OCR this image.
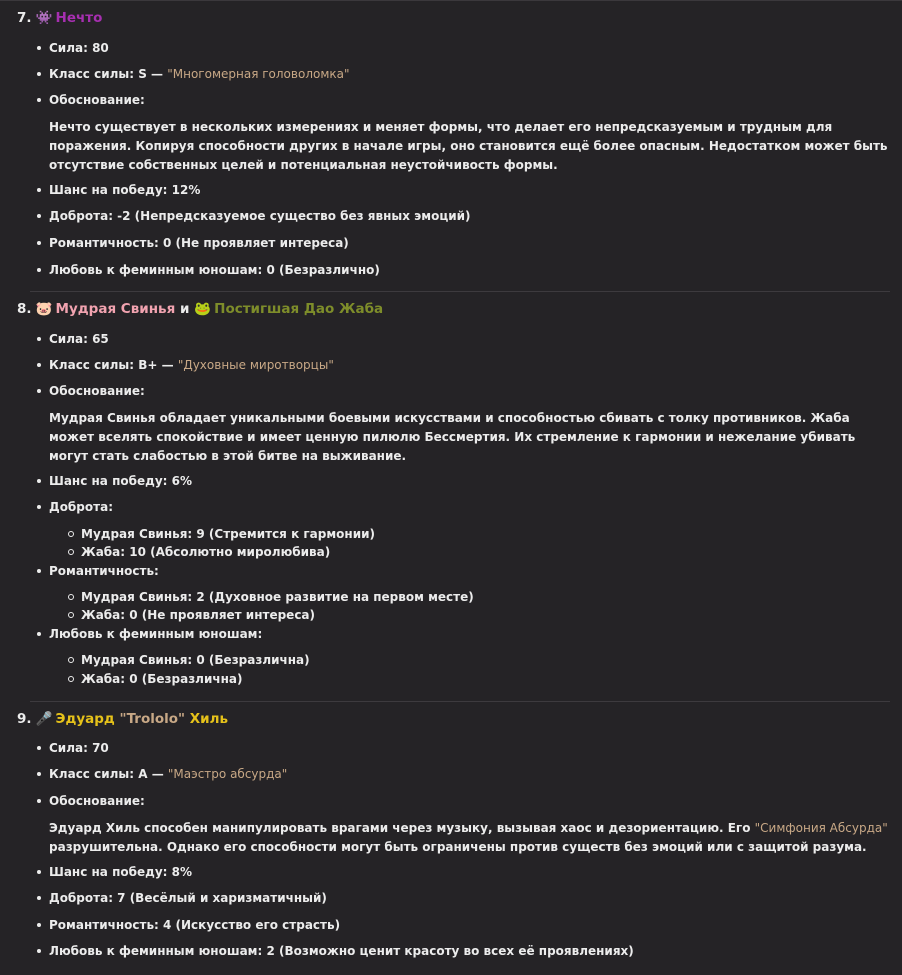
7. 👾 Нечто
Сила: 80
Класс силы: S — "Многомерная головоломка"
Обоснование:
Нечто существует в нескольких измерениях и меняет формы, что делает его непредсказуемым и трудным для поражения. Копируя способности других в начале игры, оно становится ещё более опасным. Недостатком может быть отсутствие собственных целей и потенциальная неустойчивость формы.
Шанс на победу: 12%
Доброта: -2 (Непредсказуемое существо без явных эмоций)
Романтичность: 0 (Не проявляет интереса)
Любовь к феминным юношам: 0 (Безразлично)
8. 🐷 Мудрая Свинья и 🐸 Постигшая Дао Жаба
Сила: 65
Класс силы: B+ — "Духовные миротворцы"
Обоснование:
Мудрая Свинья обладает уникальными боевыми искусствами и способностью сбивать с толку противников. Жаба может вселять спокойствие и имеет ценную пилюлю Бессмертия. Их стремление к гармонии и нежелание убивать могут стать слабостью в этой битве на выживание.
Шанс на победу: 6%
Доброта:
Мудрая Свинья: 9 (Стремится к гармонии)
Жаба: 10 (Абсолютно миролюбива)
Романтичность:
Мудрая Свинья: 2 (Духовное развитие на первом месте)
Жаба: 0 (Не проявляет интереса)
Любовь к феминным юношам:
Мудрая Свинья: 0 (Безразлична)
Жаба: 0 (Безразлична)
9. 🎤 Эдуард "Trololo" Хиль
Сила: 70
Класс силы: A — "Маэстро абсурда"
Обоснование:
Эдуард Хиль способен манипулировать врагами через музыку, вызывая хаос и дезориентацию. Его "Симфония Абсурда" разрушительна. Однако его способности могут быть ограничены против существ без эмоций или с защитой разума.
Шанс на победу: 8%
Доброта: 7 (Весёлый и харизматичный)
Романтичность: 4 (Искусство его страсть)
Любовь к феминным юношам: 2 (Возможно ценит красоту во всех её проявлениях)
